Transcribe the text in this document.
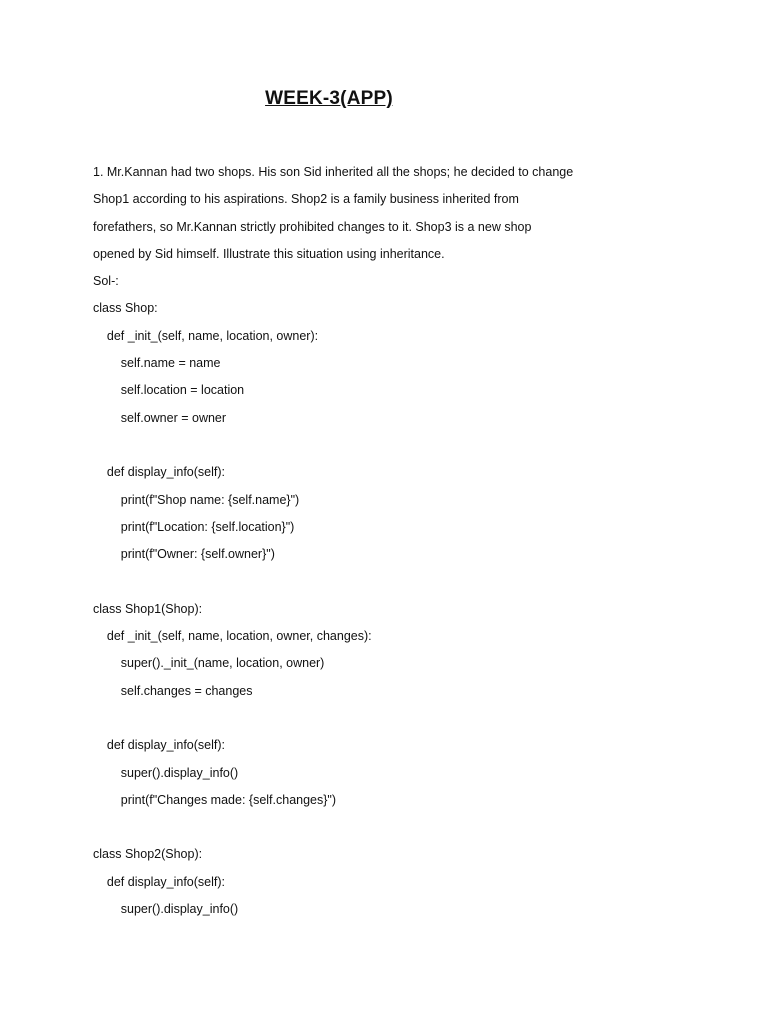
WEEK-3(APP)
1. Mr.Kannan had two shops. His son Sid inherited all the shops; he decided to change
Shop1 according to his aspirations. Shop2 is a family business inherited from
forefathers, so Mr.Kannan strictly prohibited changes to it. Shop3 is a new shop
opened by Sid himself. Illustrate this situation using inheritance.
Sol-:
class Shop:
def _init_(self, name, location, owner):
self.name = name
self.location = location
self.owner = owner
def display_info(self):
print(f"Shop name: {self.name}")
print(f"Location: {self.location}")
print(f"Owner: {self.owner}")
class Shop1(Shop):
def _init_(self, name, location, owner, changes):
super()._init_(name, location, owner)
self.changes = changes
def display_info(self):
super().display_info()
print(f"Changes made: {self.changes}")
class Shop2(Shop):
def display_info(self):
super().display_info()
